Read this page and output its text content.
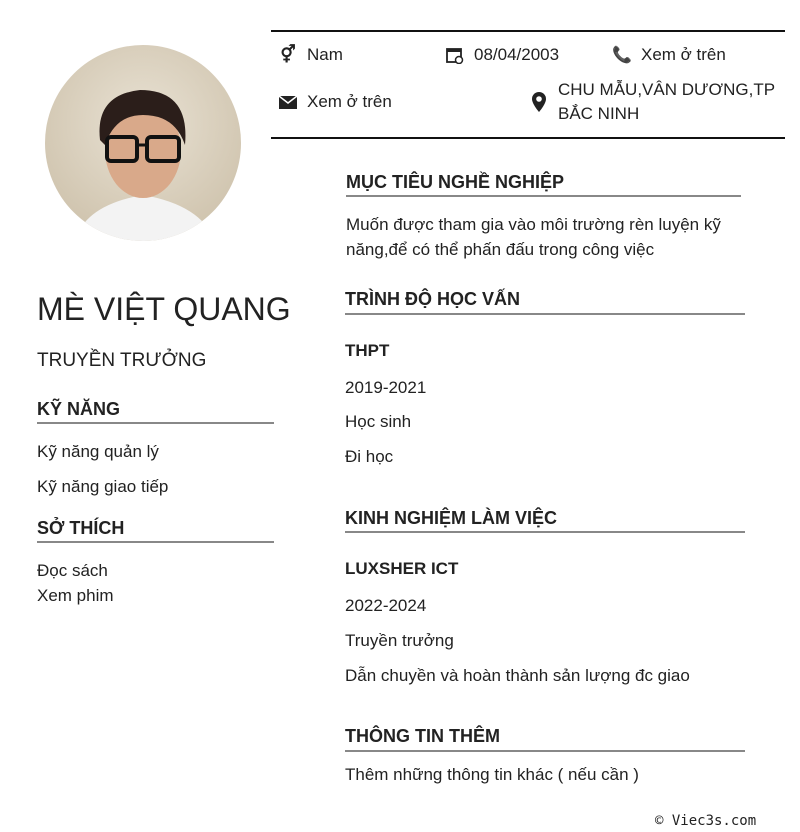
⚥ Nam	08/04/2003	📞 Xem ở trên
Xem ở trên
CHU MẪU,VÂN DƯƠNG,TP
BẮC NINH
MÈ VIỆT QUANG
TRUYỀN TRƯỞNG
KỸ NĂNG
Kỹ năng quản lý
Kỹ năng giao tiếp
SỞ THÍCH
Đọc sách
Xem phim
MỤC TIÊU NGHỀ NGHIỆP
Muốn được tham gia vào môi trường rèn luyện kỹ
năng,để có thể phấn đấu trong công việc
TRÌNH ĐỘ HỌC VẤN
THPT
2019-2021
Học sinh
Đi học
KINH NGHIỆM LÀM VIỆC
LUXSHER ICT
2022-2024
Truyền trưởng
Dẫn chuyền và hoàn thành sản lượng đc giao
THÔNG TIN THÊM
Thêm những thông tin khác ( nếu cần )
© Viec3s.com
